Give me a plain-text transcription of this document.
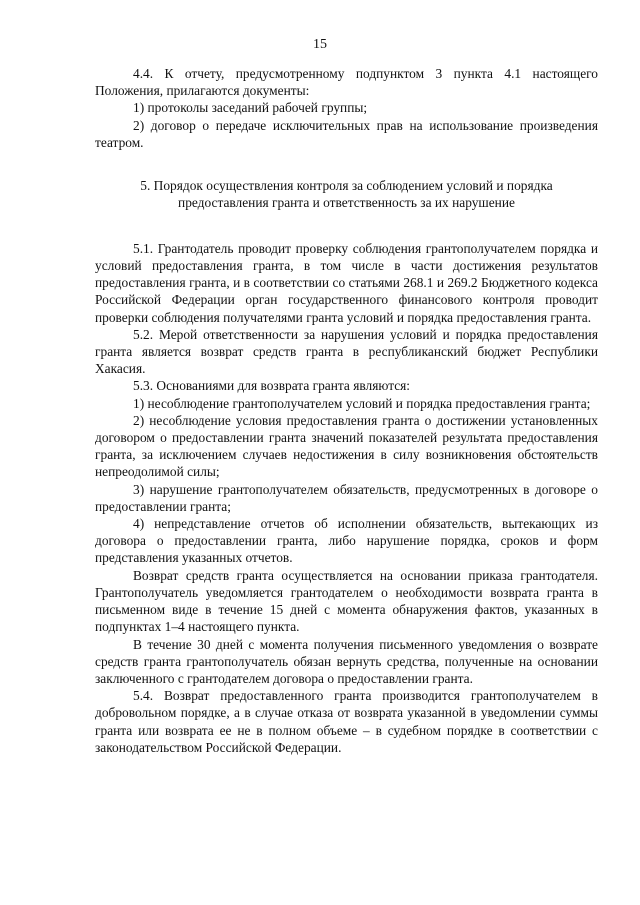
15

4.4. К отчету, предусмотренному подпунктом 3 пункта 4.1 настоящего Положения, прилагаются документы:

1) протоколы заседаний рабочей группы;

2) договор о передаче исключительных прав на использование произведения театром.

5. Порядок осуществления контроля за соблюдением условий и порядка
предоставления гранта и ответственность за их нарушение

5.1. Грантодатель проводит проверку соблюдения грантополучателем порядка и условий предоставления гранта, в том числе в части достижения результатов предоставления гранта, и в соответствии со статьями 268.1 и 269.2 Бюджетного кодекса Российской Федерации орган государственного финансового контроля проводит проверки соблюдения получателями гранта условий и порядка предоставления гранта.

5.2. Мерой ответственности за нарушения условий и порядка предоставления гранта является возврат средств гранта в республиканский бюджет Республики Хакасия.

5.3. Основаниями для возврата гранта являются:

1) несоблюдение грантополучателем условий и порядка предоставления гранта;

2) несоблюдение условия предоставления гранта о достижении установленных договором о предоставлении гранта значений показателей результата предоставления гранта, за исключением случаев недостижения в силу возникновения обстоятельств непреодолимой силы;

3) нарушение грантополучателем обязательств, предусмотренных в договоре о предоставлении гранта;

4) непредставление отчетов об исполнении обязательств, вытекающих из договора о предоставлении гранта, либо нарушение порядка, сроков и форм представления указанных отчетов.

Возврат средств гранта осуществляется на основании приказа грантодателя. Грантополучатель уведомляется грантодателем о необходимости возврата гранта в письменном виде в течение 15 дней с момента обнаружения фактов, указанных в подпунктах 1–4 настоящего пункта.

В течение 30 дней с момента получения письменного уведомления о возврате средств гранта грантополучатель обязан вернуть средства, полученные на основании заключенного с грантодателем договора о предоставлении гранта.

5.4. Возврат предоставленного гранта производится грантополучателем в добровольном порядке, а в случае отказа от возврата указанной в уведомлении суммы гранта или возврата ее не в полном объеме – в судебном порядке в соответствии с законодательством Российской Федерации.
